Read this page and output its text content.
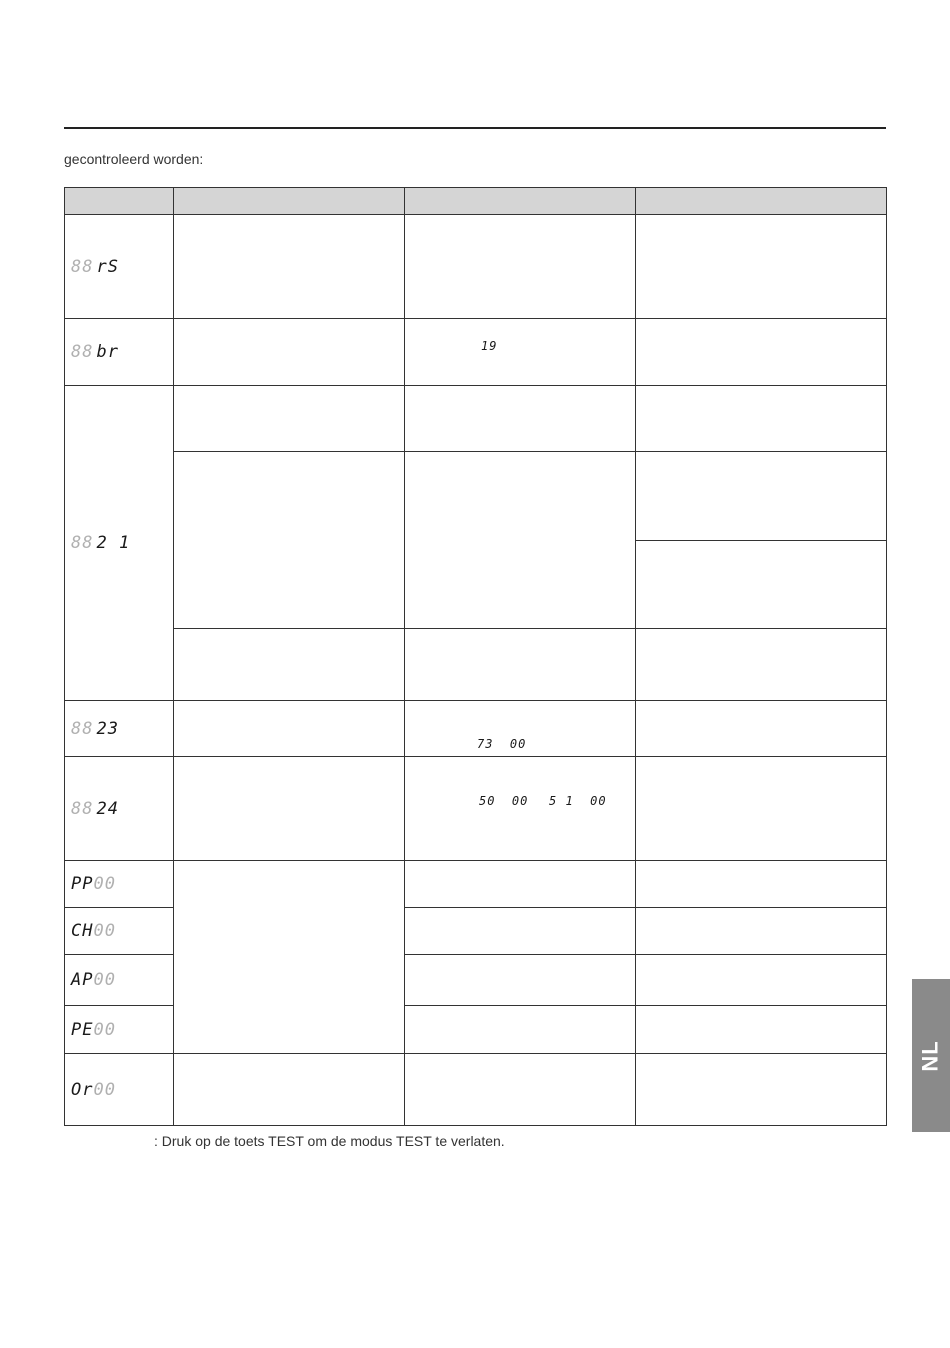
gecontroleerd worden:

88 rS			
88 br		19	

88 2 1			

88 23		73  00	

88 24		50  00 5 1  00	

PP00			
CH00			
AP00			
PE00			
Or00			
: Druk op de toets TEST om de modus TEST te verlaten.
NL
